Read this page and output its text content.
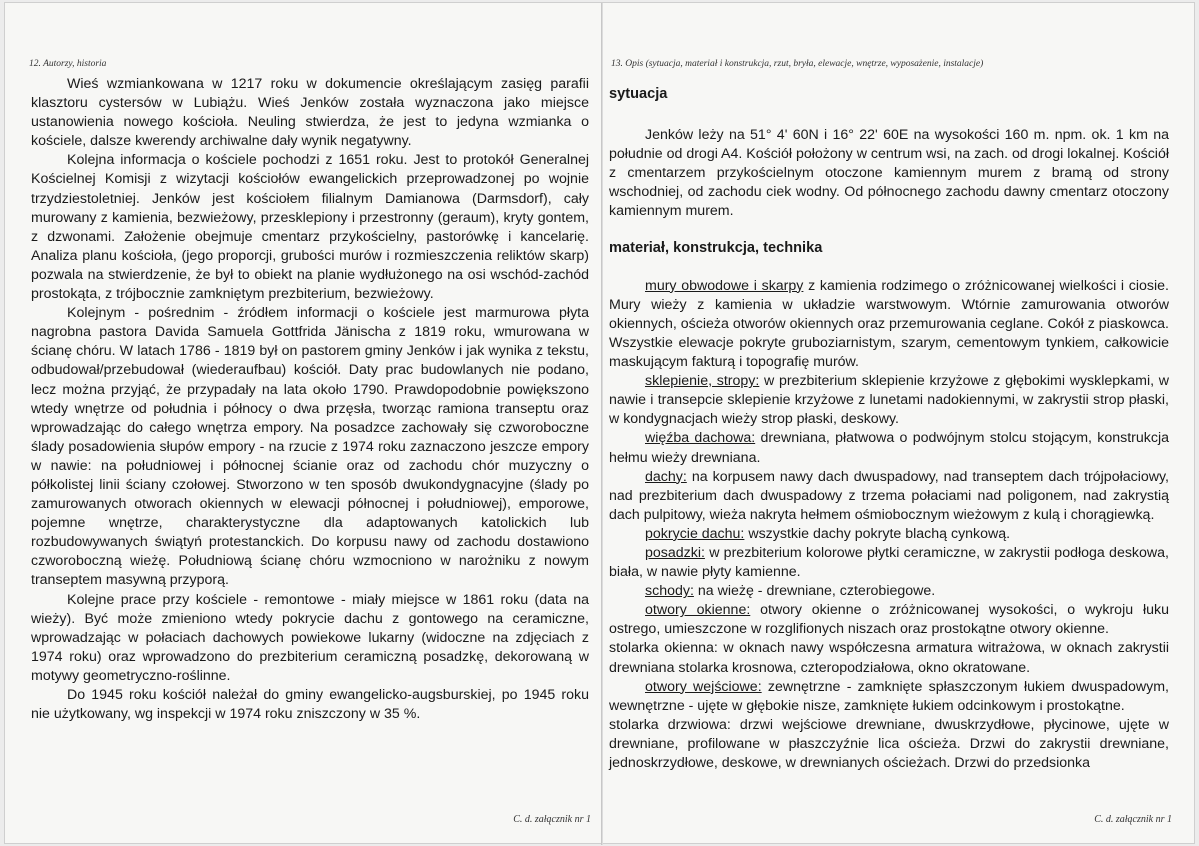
12. Autorzy, historia

Wieś wzmiankowana w 1217 roku w dokumencie określającym zasięg parafii klasztoru cystersów w Lubiążu. Wieś Jenków została wyznaczona jako miejsce ustanowienia nowego kościoła. Neuling stwierdza, że jest to jedyna wzmianka o kościele, dalsze kwerendy archiwalne dały wynik negatywny.

Kolejna informacja o kościele pochodzi z 1651 roku. Jest to protokół Generalnej Kościelnej Komisji z wizytacji kościołów ewangelickich przeprowadzonej po wojnie trzydziestoletniej. Jenków jest kościołem filialnym Damianowa (Darmsdorf), cały murowany z kamienia, bezwieżowy, przesklepiony i przestronny (geraum), kryty gontem, z dzwonami. Założenie obejmuje cmentarz przykościelny, pastorówkę i kancelarię. Analiza planu kościoła, (jego proporcji, grubości murów i rozmieszczenia reliktów skarp) pozwala na stwierdzenie, że był to obiekt na planie wydłużonego na osi wschód-zachód prostokąta, z trójbocznie zamkniętym prezbiterium, bezwieżowy.

Kolejnym - pośrednim - źródłem informacji o kościele jest marmurowa płyta nagrobna pastora Davida Samuela Gottfrida Jänischa z 1819 roku, wmurowana w ścianę chóru. W latach 1786 - 1819 był on pastorem gminy Jenków i jak wynika z tekstu, odbudował/przebudował (wiederaufbau) kościół. Daty prac budowlanych nie podano, lecz można przyjąć, że przypadały na lata około 1790. Prawdopodobnie powiększono wtedy wnętrze od południa i północy o dwa przęsła, tworząc ramiona transeptu oraz wprowadzając do całego wnętrza empory. Na posadzce zachowały się czworoboczne ślady posadowienia słupów empory - na rzucie z 1974 roku zaznaczono jeszcze empory w nawie: na południowej i północnej ścianie oraz od zachodu chór muzyczny o półkolistej linii ściany czołowej. Stworzono w ten sposób dwukondygnacyjne (ślady po zamurowanych otworach okiennych w elewacji północnej i południowej), emporowe, pojemne wnętrze, charakterystyczne dla adaptowanych katolickich lub rozbudowywanych świątyń protestanckich. Do korpusu nawy od zachodu dostawiono czworoboczną wieżę. Południową ścianę chóru wzmocniono w narożniku z nowym transeptem masywną przyporą.

Kolejne prace przy kościele - remontowe - miały miejsce w 1861 roku (data na wieży). Być może zmieniono wtedy pokrycie dachu z gontowego na ceramiczne, wprowadzając w połaciach dachowych powiekowe lukarny (widoczne na zdjęciach z 1974 roku) oraz wprowadzono do prezbiterium ceramiczną posadzkę, dekorowaną w motywy geometryczno-roślinne.

Do 1945 roku kościół należał do gminy ewangelicko-augsburskiej, po 1945 roku nie użytkowany, wg inspekcji w 1974 roku zniszczony w 35 %.

C. d. załącznik nr 1
13. Opis (sytuacja, materiał i konstrukcja, rzut, bryła, elewacje, wnętrze, wyposażenie, instalacje)
sytuacja

Jenków leży na 51° 4' 60N i 16° 22' 60E na wysokości 160 m. npm. ok. 1 km na południe od drogi A4. Kościół położony w centrum wsi, na zach. od drogi lokalnej. Kościół z cmentarzem przykościelnym otoczone kamiennym murem z bramą od strony wschodniej, od zachodu ciek wodny. Od północnego zachodu dawny cmentarz otoczony kamiennym murem.

materiał, konstrukcja, technika

mury obwodowe i skarpy z kamienia rodzimego o zróżnicowanej wielkości i ciosie. Mury wieży z kamienia w układzie warstwowym. Wtórnie zamurowania otworów okiennych, ościeża otworów okiennych oraz przemurowania ceglane. Cokół z piaskowca. Wszystkie elewacje pokryte gruboziarnistym, szarym, cementowym tynkiem, całkowicie maskującym fakturą i topografię murów.

sklepienie, stropy: w prezbiterium sklepienie krzyżowe z głębokimi wysklepkami, w nawie i transepcie sklepienie krzyżowe z lunetami nadokiennymi, w zakrystii strop płaski, w kondygnacjach wieży strop płaski, deskowy.

więźba dachowa: drewniana, płatwowa o podwójnym stolcu stojącym, konstrukcja hełmu wieży drewniana.

dachy: na korpusem nawy dach dwuspadowy, nad transeptem dach trójpołaciowy, nad prezbiterium dach dwuspadowy z trzema połaciami nad poligonem, nad zakrystią dach pulpitowy, wieża nakryta hełmem ośmiobocznym wieżowym z kulą i chorągiewką.

pokrycie dachu: wszystkie dachy pokryte blachą cynkową.

posadzki: w prezbiterium kolorowe płytki ceramiczne, w zakrystii podłoga deskowa, biała, w nawie płyty kamienne.

schody: na wieżę - drewniane, czterobiegowe.

otwory okienne: otwory okienne o zróżnicowanej wysokości, o wykroju łuku ostrego, umieszczone w rozglifionych niszach oraz prostokątne otwory okienne.

stolarka okienna: w oknach nawy współczesna armatura witrażowa, w oknach zakrystii drewniana stolarka krosnowa, czteropodziałowa, okno okratowane.

otwory wejściowe: zewnętrzne - zamknięte spłaszczonym łukiem dwuspadowym, wewnętrzne - ujęte w głębokie nisze, zamknięte łukiem odcinkowym i prostokątne.

stolarka drzwiowa: drzwi wejściowe drewniane, dwuskrzydłowe, płycinowe, ujęte w drewniane, profilowane w płaszczyźnie lica ościeża. Drzwi do zakrystii drewniane, jednoskrzydłowe, deskowe, w drewnianych ościeżach. Drzwi do przedsionka

C. d. załącznik nr 1
